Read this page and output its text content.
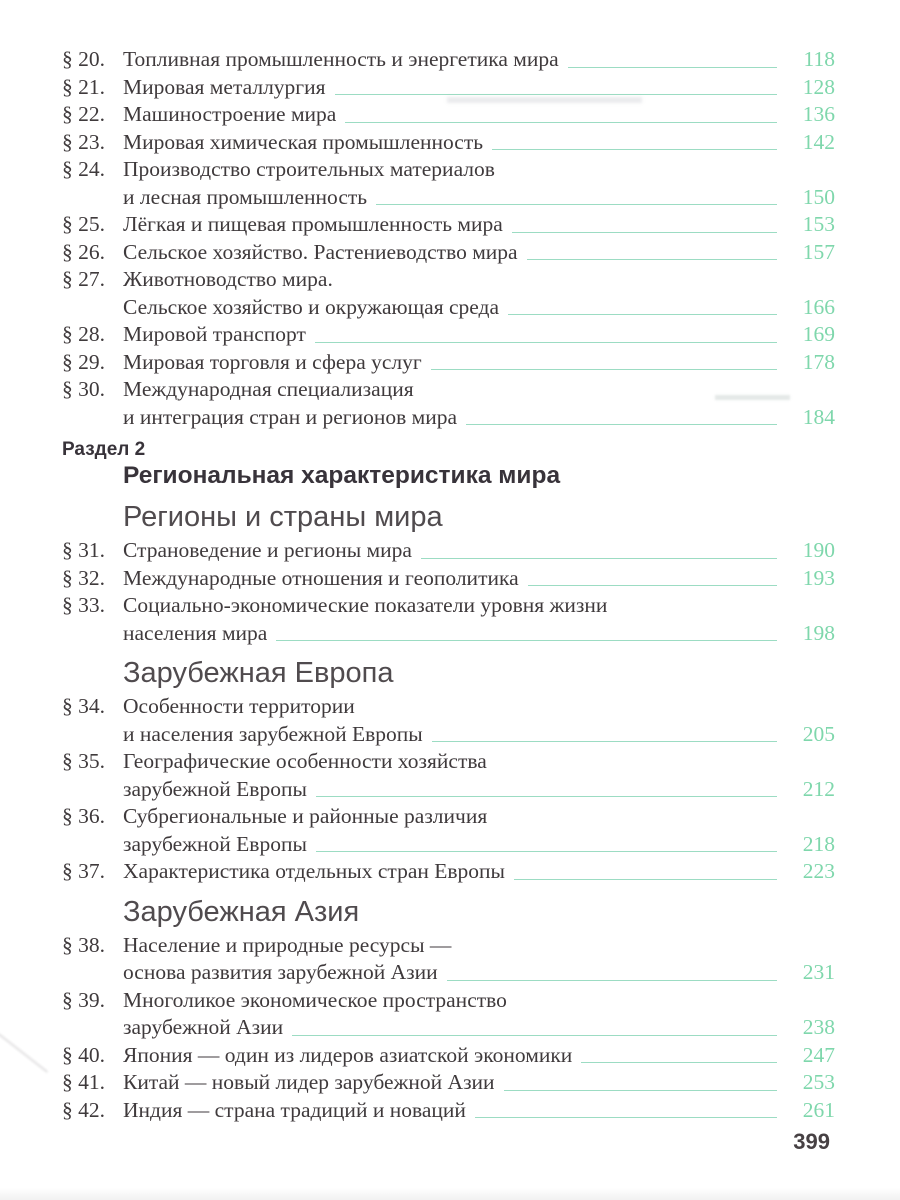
§ 20. Топливная промышленность и энергетика мира	118
§ 21. Мировая металлургия	128
§ 22. Машиностроение мира	136
§ 23. Мировая химическая промышленность	142
§ 24. Производство строительных материалов
и лесная промышленность	150
§ 25. Лёгкая и пищевая промышленность мира	153
§ 26. Сельское хозяйство. Растениеводство мира	157
§ 27. Животноводство мира.
Сельское хозяйство и окружающая среда	166
§ 28. Мировой транспорт	169
§ 29. Мировая торговля и сфера услуг	178
§ 30. Международная специализация
и интеграция стран и регионов мира	184
Раздел 2
Региональная характеристика мира
Регионы и страны мира
§ 31. Страноведение и регионы мира	190
§ 32. Международные отношения и геополитика	193
§ 33. Социально-экономические показатели уровня жизни
населения мира	198
Зарубежная Европа
§ 34. Особенности территории
и населения зарубежной Европы	205
§ 35. Географические особенности хозяйства
зарубежной Европы	212
§ 36. Субрегиональные и районные различия
зарубежной Европы	218
§ 37. Характеристика отдельных стран Европы	223
Зарубежная Азия
§ 38. Население и природные ресурсы —
основа развития зарубежной Азии	231
§ 39. Многоликое экономическое пространство
зарубежной Азии	238
§ 40. Япония — один из лидеров азиатской экономики	247
§ 41. Китай — новый лидер зарубежной Азии	253
§ 42. Индия — страна традиций и новаций	261
399
